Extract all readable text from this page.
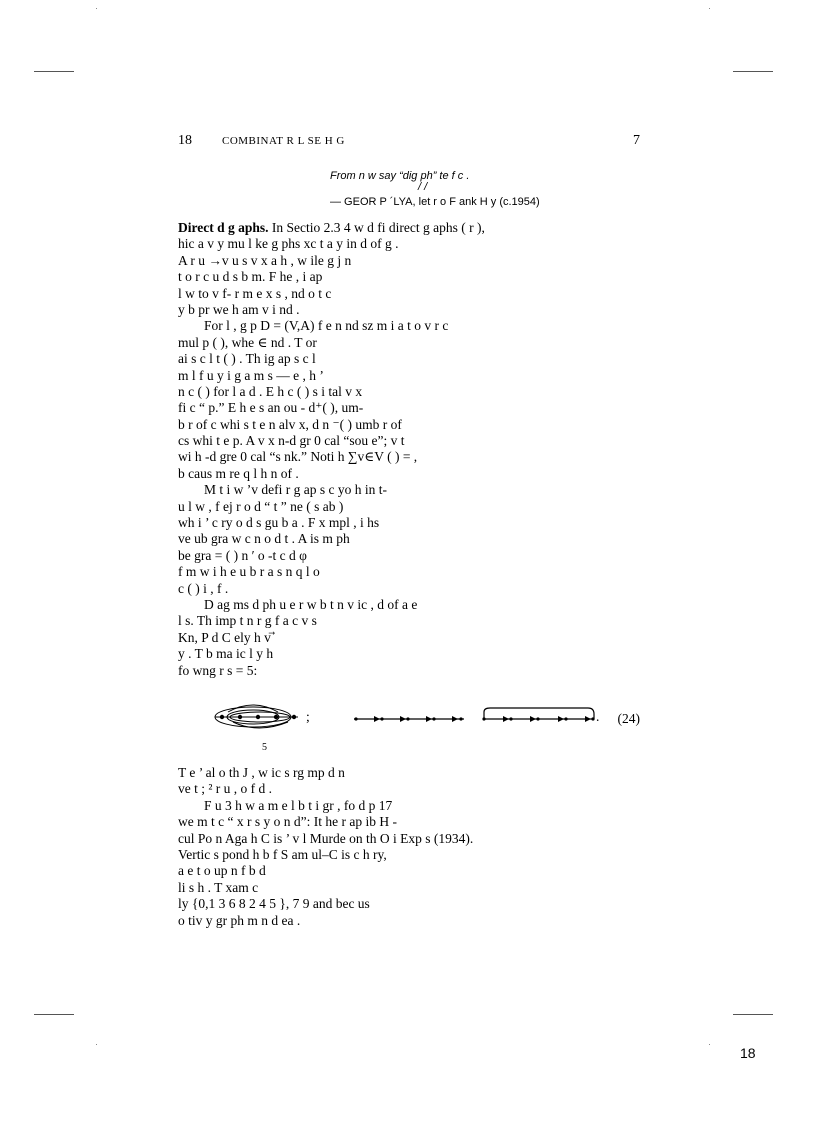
18	COMBINAT R L SE H G	7
From n w say “dig ph” te f c .
/ /
— GEOR P ´LYA, let r o F ank H y (c.1954)
Direct d g aphs. In Sectio 2.3 4 w d fi direct g aphs ( r ),
hic a v y mu l ke g phs xc t a y in d of g .
A r u →v u s v x a h , w ile g j n
t o r c u d s b m. F he , i ap
l w to v f- r m e x s , nd o t c
y b pr we h am v i nd .
For l , g p D = (V,A) f e n nd sz m i a t o v r c
mul p ( ), whe ∈ nd . T or
ai s c l t ( ) . Th ig ap s c l
m l f u y i g a m s — e , h ’
n c ( ) for l a d . E h c ( ) s i tal v x
fi c “ p.” E h e s an ou - d⁺( ), um-
b r of c whi s t e n alv x, d n ⁻( ) umb r of
cs whi t e p. A v x n-d gr 0 cal “sou e”; v t
wi h -d gre 0 cal “s nk.” Noti h ∑v∈V ( ) = ,
b caus m re q l h n of .
M t i w ’v defi r g ap s c yo h in t-
u l w , f ej r o d “ t ” ne ( s ab )
wh i ’ c ry o d s gu b a . F x mpl , i hs
ve ub gra w c n o d t . A is m ph
be gra = ( ) n ′ o -t c d φ
f m w i h e u b r a s n q l o
c ( ) i , f .
D ag ms d ph u e r w b t n v ic , d of a e
l s. Th imp t n r g f a c v s
Kn, P d C ely h v ⃗
y . T b ma ic l y h
fo wng r s = 5:
;	. (24)
5
T e ’ al o th J , w ic s rg mp d n
ve t ; ² r u , o f d .
F u 3 h w a m e l b t i gr , fo d p 17
we m t c “ x r s y o n d”: It he r ap ib H -
cul Po n Aga h C is ’ v l Murde on th O i Exp s (1934).
Vertic s pond h b f S am ul–C is c h ry,
a e t o up n f b d
li s h . T xam c
ly {0,1 3 6 8 2 4 5 }, 7 9 and bec us
o tiv y gr ph m n d ea .
18
